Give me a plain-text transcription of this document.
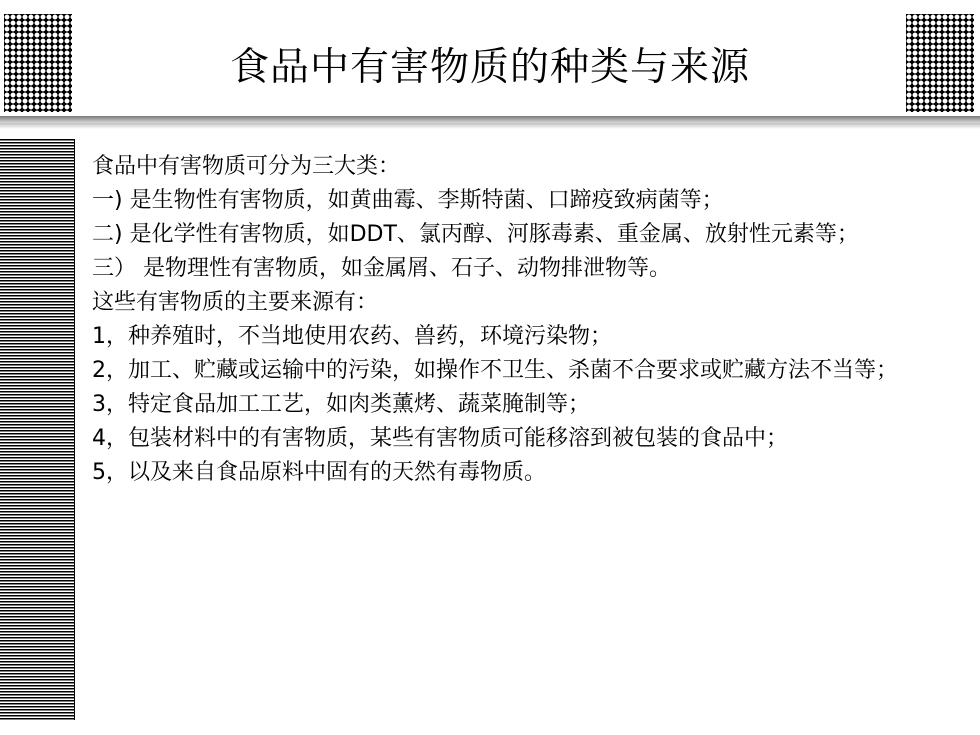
食品中有害物质的种类与来源

食品中有害物质可分为三大类：

一) 是生物性有害物质，如黄曲霉、李斯特菌、口蹄疫致病菌等；

二) 是化学性有害物质，如DDT、氯丙醇、河豚毒素、重金属、放射性元素等；

三） 是物理性有害物质，如金属屑、石子、动物排泄物等。

这些有害物质的主要来源有：

1，种养殖时，不当地使用农药、兽药，环境污染物；

2，加工、贮藏或运输中的污染，如操作不卫生、杀菌不合要求或贮藏方法不当等；

3，特定食品加工工艺，如肉类薰烤、蔬菜腌制等；

4，包装材料中的有害物质，某些有害物质可能移溶到被包装的食品中；

5，以及来自食品原料中固有的天然有毒物质。
